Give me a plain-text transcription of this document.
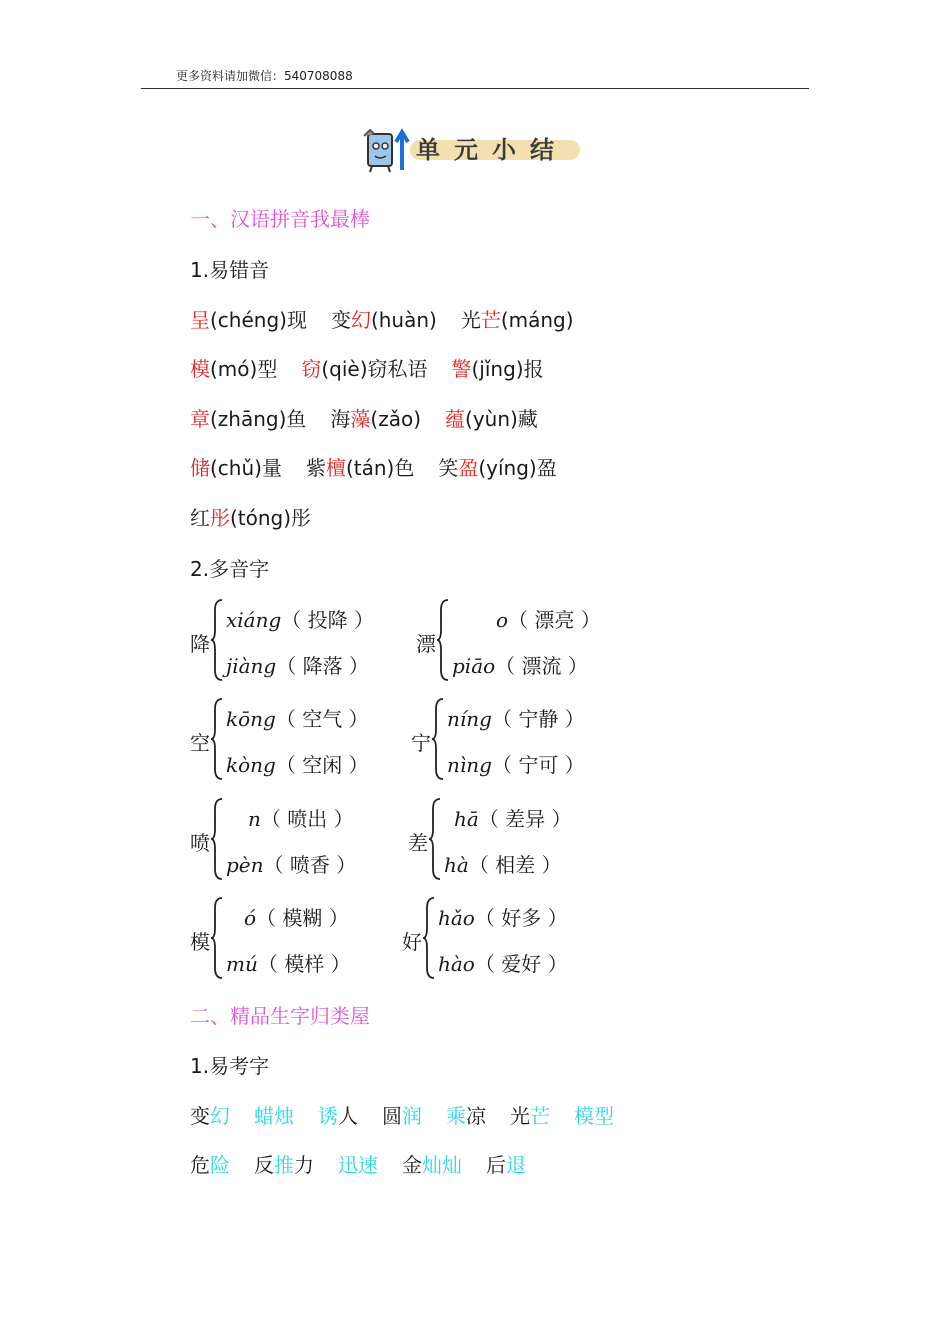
更多资料请加微信：540708088
单元小结
一、汉语拼音我最棒
1.易错音
呈(chéng)现 变幻(huàn) 光芒(máng)
模(mó)型 窃(qiè)窃私语 警(jǐng)报
章(zhāng)鱼 海藻(zǎo) 蕴(yùn)藏
储(chǔ)量 紫檀(tán)色 笑盈(yíng)盈
红彤(tóng)彤
2.多音字
降
xiáng（ 投降 ）
jiàng（ 降落 ）
漂
o（ 漂亮 ）
piāo（ 漂流 ）
空
kōng（ 空气 ）
kòng（ 空闲 ）
宁
níng（ 宁静 ）
nìng（ 宁可 ）
喷
n（ 喷出 ）
pèn（ 喷香 ）
差
hā（ 差异 ）
hà（ 相差 ）
模
ó（ 模糊 ）
mú（ 模样 ）
好
hǎo（ 好多 ）
hào（ 爱好 ）
二、精品生字归类屋
1.易考字
变幻 蜡烛 诱人 圆润 乘凉 光芒 模型
危险 反推力 迅速 金灿灿 后退
